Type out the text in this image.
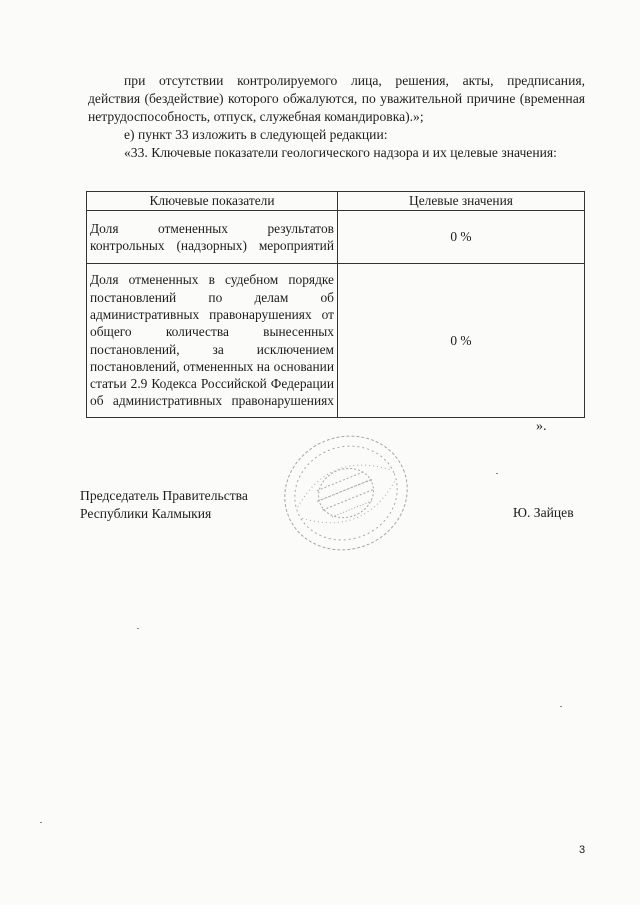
при отсутствии контролируемого лица, решения, акты, предписания,
действия (бездействие) которого обжалуются, по уважительной причине (временная нетрудоспособность, отпуск, служебная командировка).»;
е) пункт 33 изложить в следующей редакции:
«33. Ключевые показатели геологического надзора и их целевые значения:
Ключевые показатели	Целевые значения

Доля отмененных результатов контрольных (надзорных) мероприятий	0 %

Доля отмененных в судебном порядке постановлений по делам об административных правонарушениях от общего количества вынесенных постановлений, за исключением постановлений, отмененных на основании статьи 2.9 Кодекса Российской Федерации об административных правонарушениях	0 %
».
Председатель Правительства
Республики Калмыкия	Ю. Зайцев
3
